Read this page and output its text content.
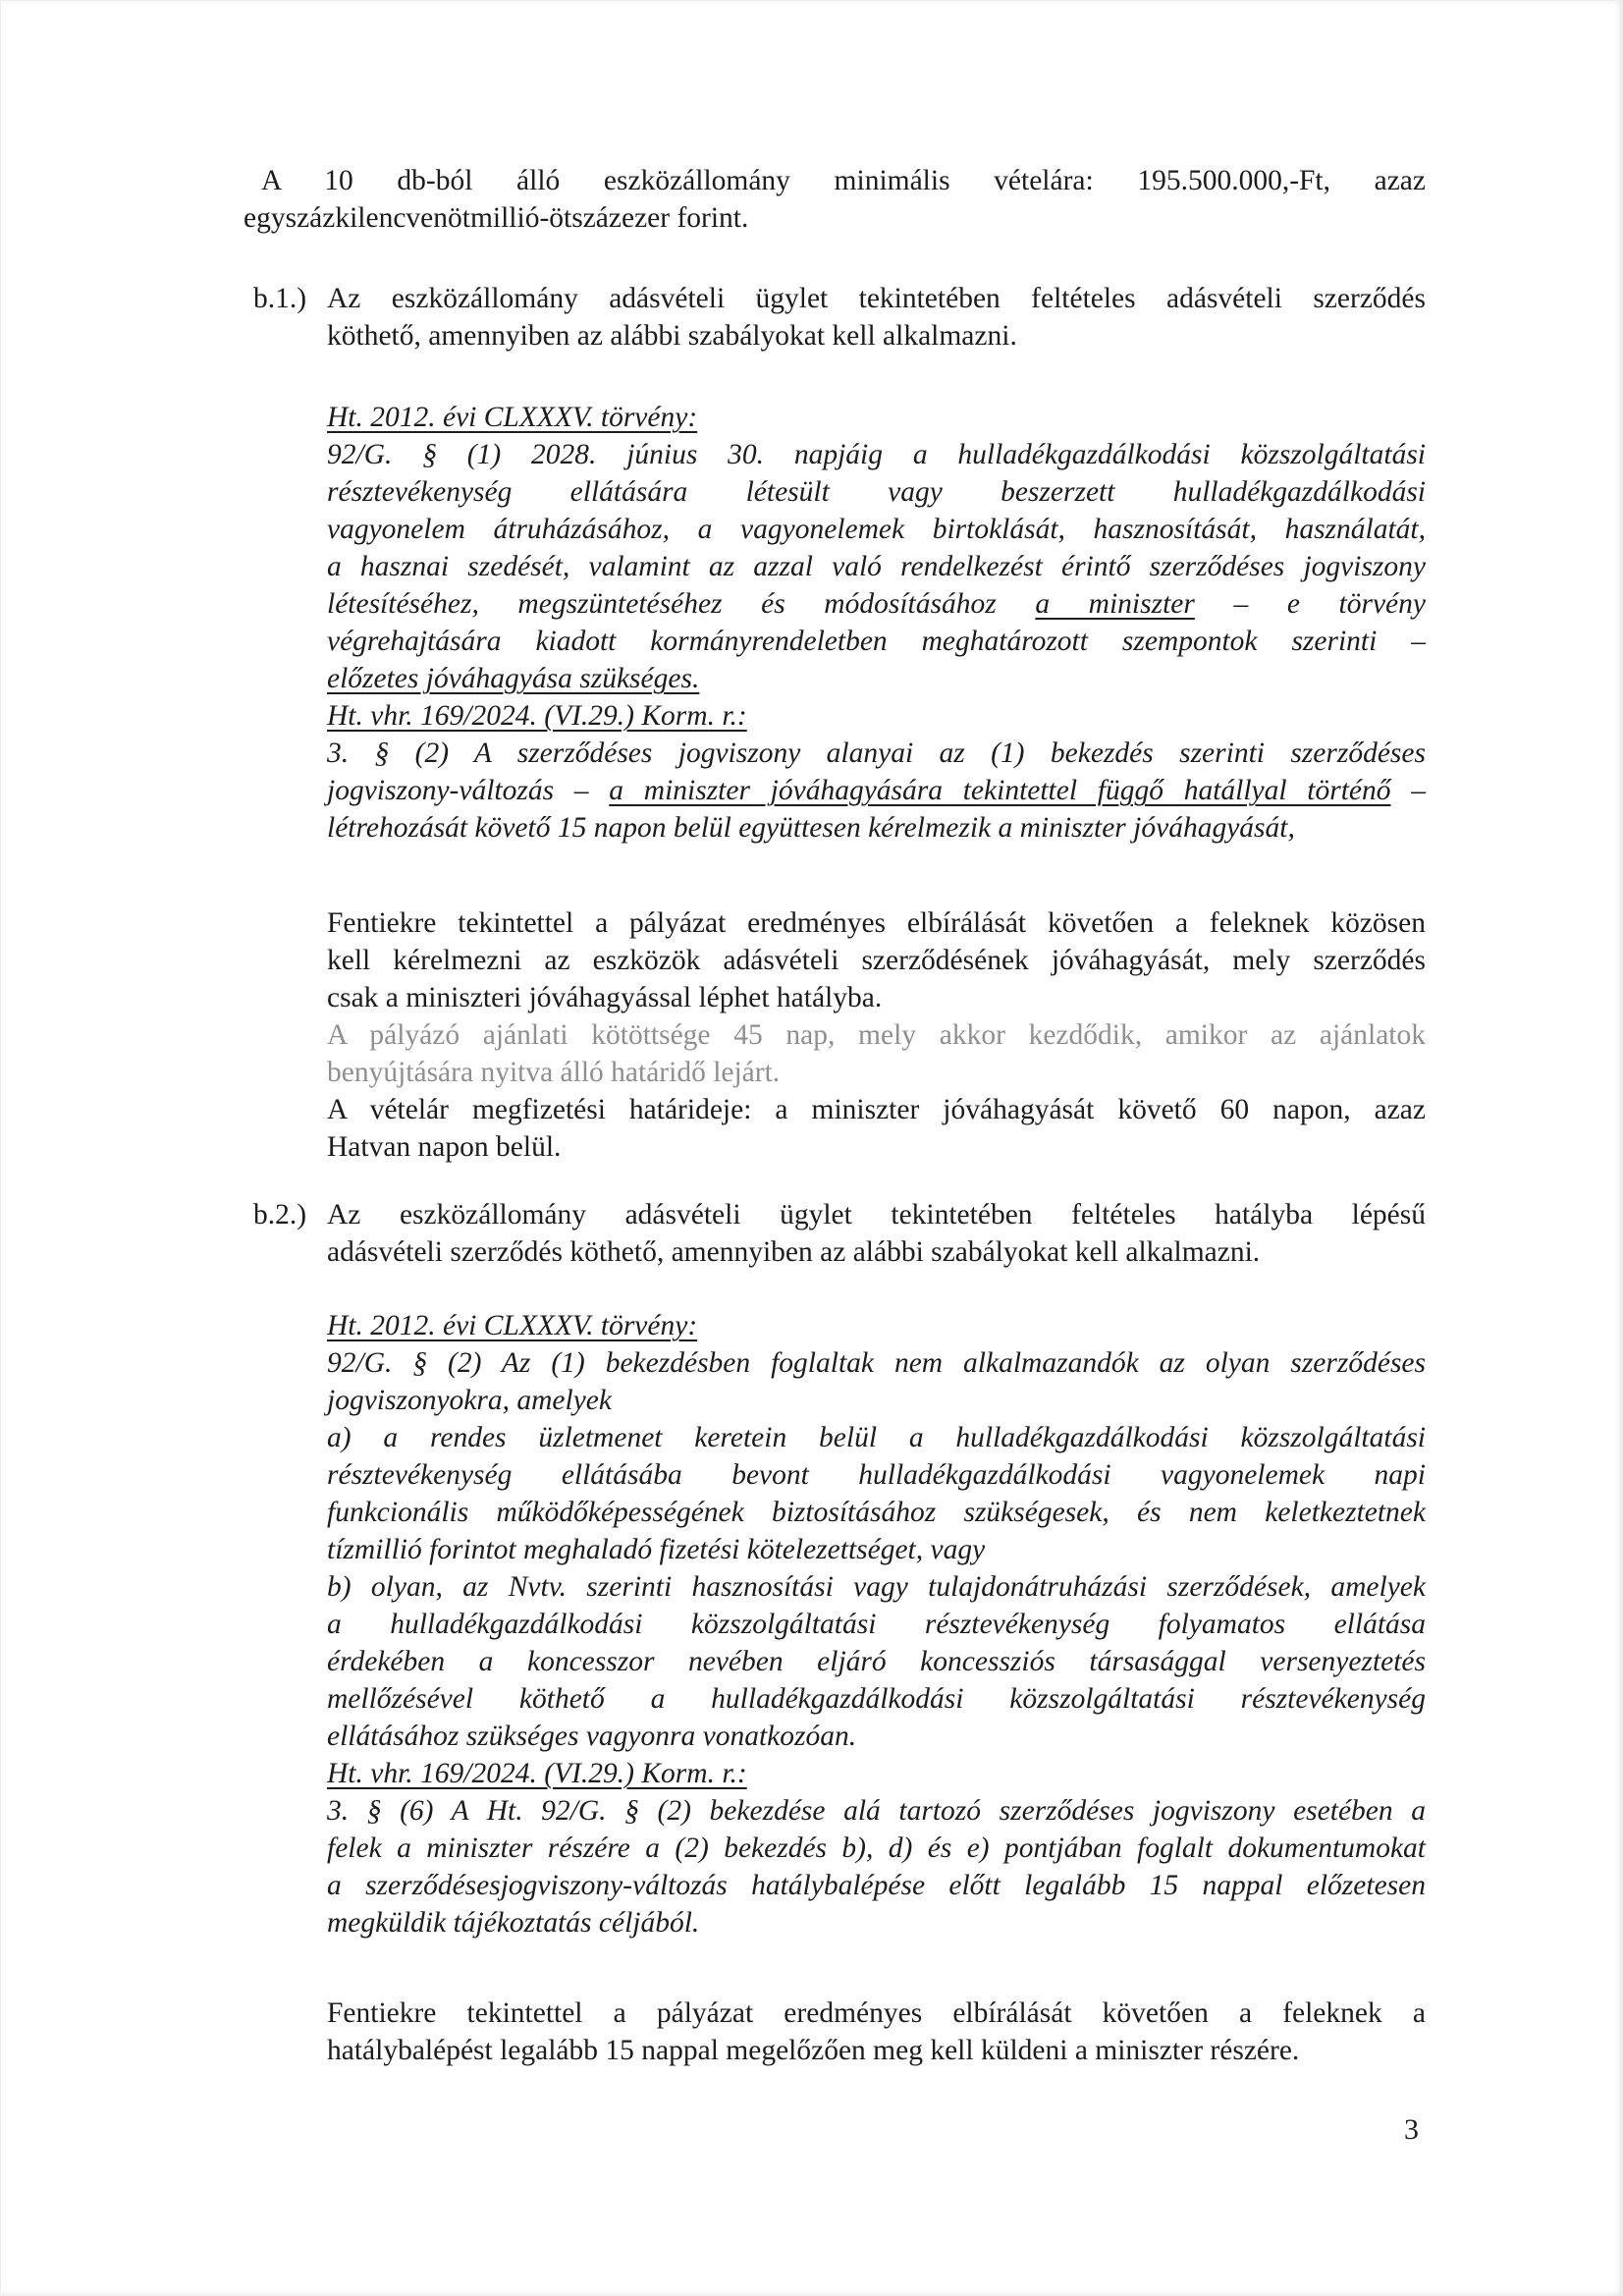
A 10 db-ból álló eszközállomány minimális vételára: 195.500.000,-Ft, azaz
egyszázkilencvenötmillió-ötszázezer forint.
b.1.) Az eszközállomány adásvételi ügylet tekintetében feltételes adásvételi szerződés
köthető, amennyiben az alábbi szabályokat kell alkalmazni.
Ht. 2012. évi CLXXXV. törvény:
92/G. § (1) 2028. június 30. napjáig a hulladékgazdálkodási közszolgáltatási
résztevékenység ellátására létesült vagy beszerzett hulladékgazdálkodási
vagyonelem átruházásához, a vagyonelemek birtoklását, hasznosítását, használatát,
a hasznai szedését, valamint az azzal való rendelkezést érintő szerződéses jogviszony
létesítéséhez, megszüntetéséhez és módosításához a miniszter – e törvény
végrehajtására kiadott kormányrendeletben meghatározott szempontok szerinti –
előzetes jóváhagyása szükséges.
Ht. vhr. 169/2024. (VI.29.) Korm. r.:
3. § (2) A szerződéses jogviszony alanyai az (1) bekezdés szerinti szerződéses
jogviszony-változás – a miniszter jóváhagyására tekintettel függő hatállyal történő –
létrehozását követő 15 napon belül együttesen kérelmezik a miniszter jóváhagyását,
Fentiekre tekintettel a pályázat eredményes elbírálását követően a feleknek közösen
kell kérelmezni az eszközök adásvételi szerződésének jóváhagyását, mely szerződés
csak a miniszteri jóváhagyással léphet hatályba.
A pályázó ajánlati kötöttsége 45 nap, mely akkor kezdődik, amikor az ajánlatok
benyújtására nyitva álló határidő lejárt.
A vételár megfizetési határideje: a miniszter jóváhagyását követő 60 napon, azaz
Hatvan napon belül.
b.2.) Az eszközállomány adásvételi ügylet tekintetében feltételes hatályba lépésű
adásvételi szerződés köthető, amennyiben az alábbi szabályokat kell alkalmazni.
Ht. 2012. évi CLXXXV. törvény:
92/G. § (2) Az (1) bekezdésben foglaltak nem alkalmazandók az olyan szerződéses
jogviszonyokra, amelyek
a) a rendes üzletmenet keretein belül a hulladékgazdálkodási közszolgáltatási
résztevékenység ellátásába bevont hulladékgazdálkodási vagyonelemek napi
funkcionális működőképességének biztosításához szükségesek, és nem keletkeztetnek
tízmillió forintot meghaladó fizetési kötelezettséget, vagy
b) olyan, az Nvtv. szerinti hasznosítási vagy tulajdonátruházási szerződések, amelyek
a hulladékgazdálkodási közszolgáltatási résztevékenység folyamatos ellátása
érdekében a koncesszor nevében eljáró koncessziós társasággal versenyeztetés
mellőzésével köthető a hulladékgazdálkodási közszolgáltatási résztevékenység
ellátásához szükséges vagyonra vonatkozóan.
Ht. vhr. 169/2024. (VI.29.) Korm. r.:
3. § (6) A Ht. 92/G. § (2) bekezdése alá tartozó szerződéses jogviszony esetében a
felek a miniszter részére a (2) bekezdés b), d) és e) pontjában foglalt dokumentumokat
a szerződésesjogviszony-változás hatálybalépése előtt legalább 15 nappal előzetesen
megküldik tájékoztatás céljából.
Fentiekre tekintettel a pályázat eredményes elbírálását követően a feleknek a
hatálybalépést legalább 15 nappal megelőzően meg kell küldeni a miniszter részére.
3
